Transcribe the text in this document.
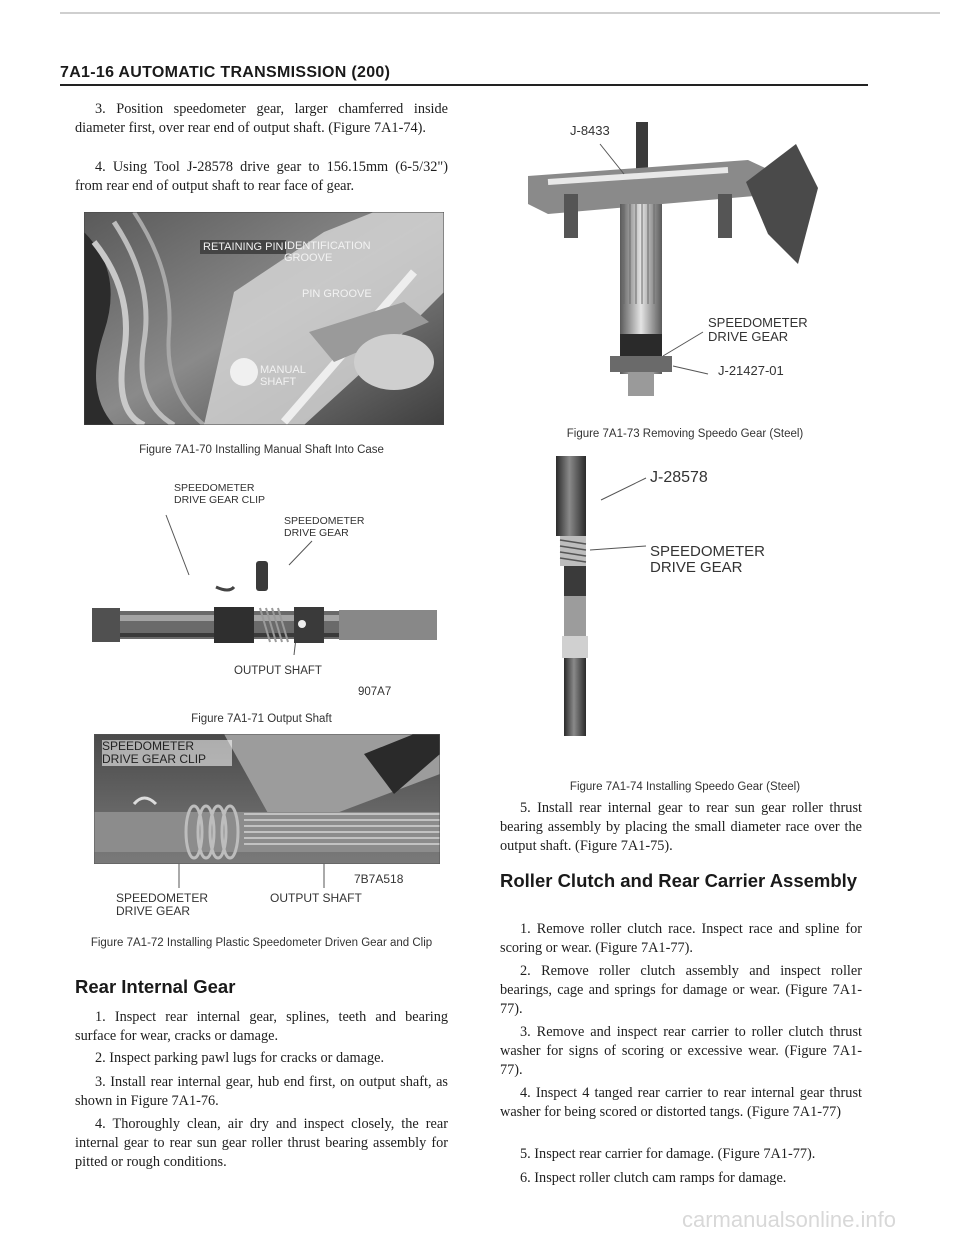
7A1-16 AUTOMATIC TRANSMISSION (200)

3. Position speedometer gear, larger chamferred inside diameter first, over rear end of output shaft. (Figure 7A1-74).

4. Using Tool J-28578 drive gear to 156.15mm (6-5/32") from rear end of output shaft to rear face of gear.

RETAINING PIN IDENTIFICATION GROOVE
PIN GROOVE
MANUAL SHAFT
Figure 7A1-70 Installing Manual Shaft Into Case
SPEEDOMETER DRIVE GEAR CLIP
SPEEDOMETER DRIVE GEAR
OUTPUT SHAFT
907A7
Figure 7A1-71 Output Shaft
SPEEDOMETER DRIVE GEAR CLIP
7B7A518
SPEEDOMETER DRIVE GEAR
OUTPUT SHAFT
Figure 7A1-72 Installing Plastic Speedometer Driven Gear and Clip
Rear Internal Gear

1. Inspect rear internal gear, splines, teeth and bearing surface for wear, cracks or damage.

2. Inspect parking pawl lugs for cracks or damage.

3. Install rear internal gear, hub end first, on output shaft, as shown in Figure 7A1-76.

4. Thoroughly clean, air dry and inspect closely, the rear internal gear to rear sun gear roller thrust bearing assembly for pitted or rough conditions.

J-8433
SPEEDOMETER DRIVE GEAR
J-21427-01
Figure 7A1-73 Removing Speedo Gear (Steel)
J-28578
SPEEDOMETER DRIVE GEAR
Figure 7A1-74 Installing Speedo Gear (Steel)

5. Install rear internal gear to rear sun gear roller thrust bearing assembly by placing the small diameter race over the output shaft. (Figure 7A1-75).

Roller Clutch and Rear Carrier Assembly

1. Remove roller clutch race. Inspect race and spline for scoring or wear. (Figure 7A1-77).

2. Remove roller clutch assembly and inspect roller bearings, cage and springs for damage or wear. (Figure 7A1-77).

3. Remove and inspect rear carrier to roller clutch thrust washer for signs of scoring or excessive wear. (Figure 7A1-77).

4. Inspect 4 tanged rear carrier to rear internal gear thrust washer for being scored or distorted tangs. (Figure 7A1-77)

5. Inspect rear carrier for damage. (Figure 7A1-77).

6. Inspect roller clutch cam ramps for damage.

carmanualsonline.info
